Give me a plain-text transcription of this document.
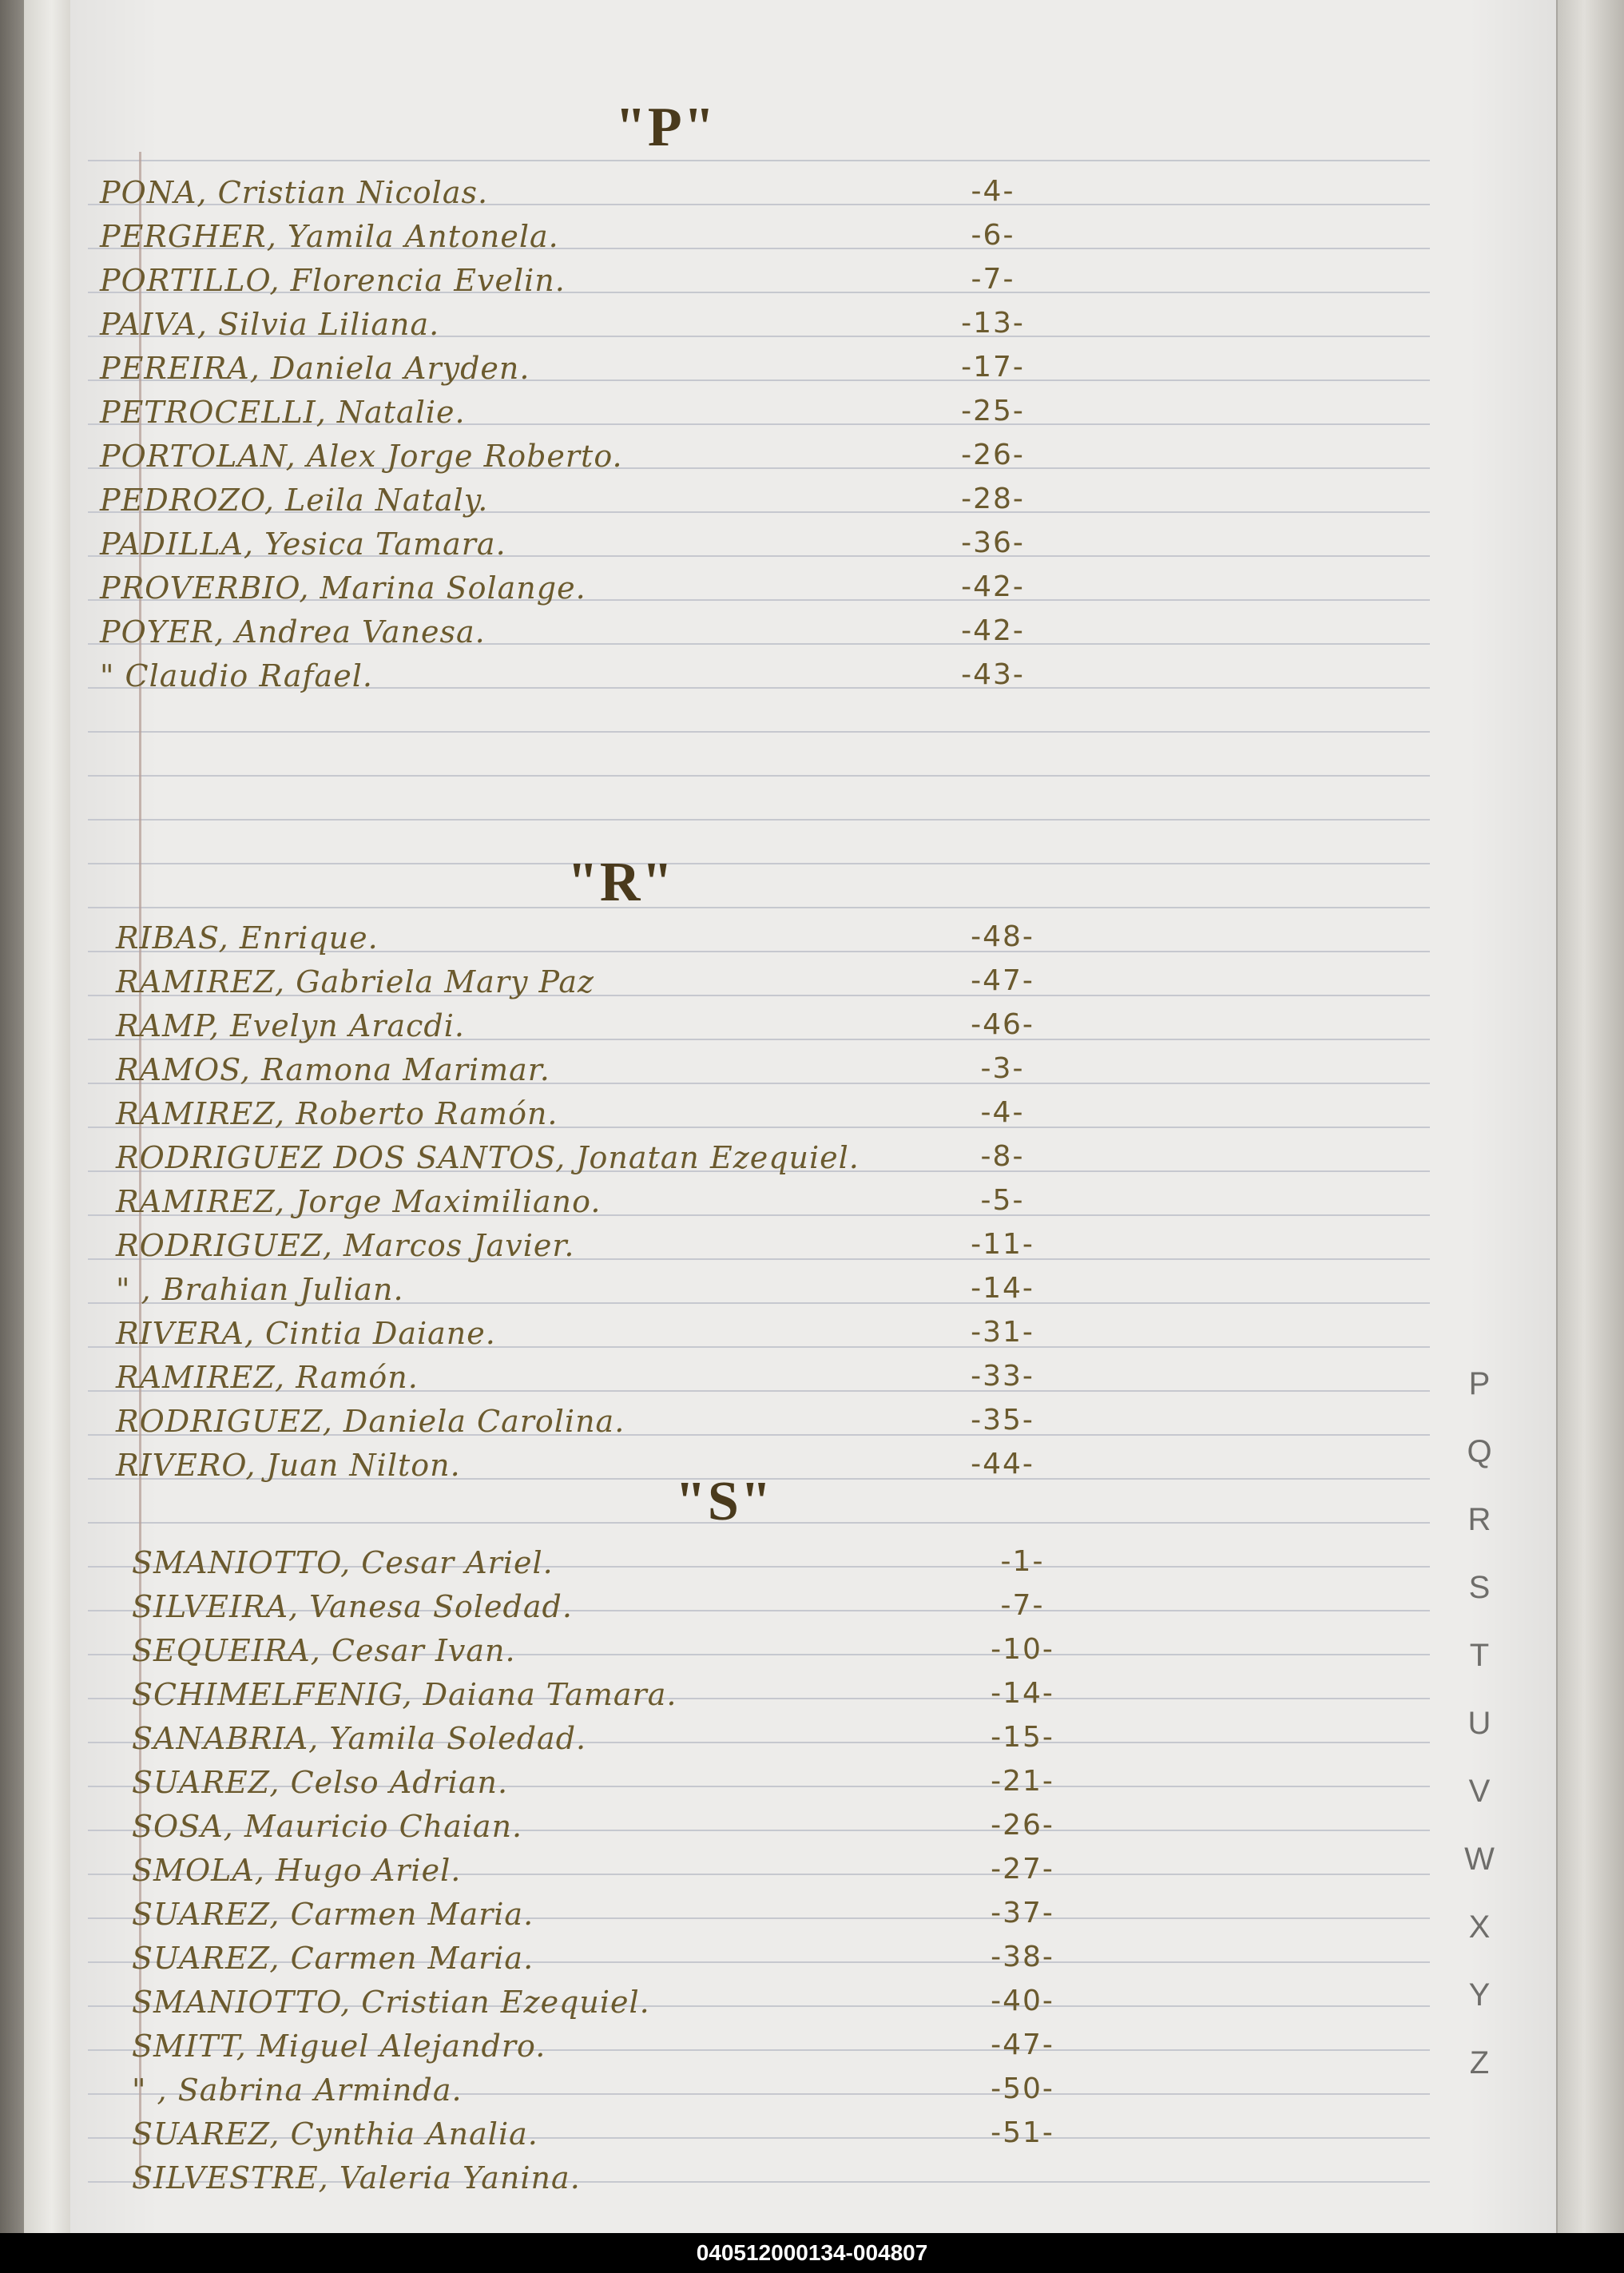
"P"
"R"
"S"
PONA, Cristian Nicolas.	-4-
PERGHER, Yamila Antonela.	-6-
PORTILLO, Florencia Evelin.	-7-
PAIVA, Silvia Liliana.	-13-
PEREIRA, Daniela Aryden.	-17-
PETROCELLI, Natalie.	-25-
PORTOLAN, Alex Jorge Roberto.	-26-
PEDROZO, Leila Nataly.	-28-
PADILLA, Yesica Tamara.	-36-
PROVERBIO, Marina Solange.	-42-
POYER, Andrea Vanesa.	-42-
" Claudio Rafael.	-43-
RIBAS, Enrique.	-48-
RAMIREZ, Gabriela Mary Paz	-47-
RAMP, Evelyn Aracdi.	-46-
RAMOS, Ramona Marimar.	-3-
RAMIREZ, Roberto Ramón.	-4-
RODRIGUEZ DOS SANTOS, Jonatan Ezequiel.	-8-
RAMIREZ, Jorge Maximiliano.	-5-
RODRIGUEZ, Marcos Javier.	-11-
" , Brahian Julian.	-14-
RIVERA, Cintia Daiane.	-31-
RAMIREZ, Ramón.	-33-
RODRIGUEZ, Daniela Carolina.	-35-
RIVERO, Juan Nilton.	-44-
SMANIOTTO, Cesar Ariel.	-1-
SILVEIRA, Vanesa Soledad.	-7-
SEQUEIRA, Cesar Ivan.	-10-
SCHIMELFENIG, Daiana Tamara.	-14-
SANABRIA, Yamila Soledad.	-15-
SUAREZ, Celso Adrian.	-21-
SOSA, Mauricio Chaian.	-26-
SMOLA, Hugo Ariel.	-27-
SUAREZ, Carmen Maria.	-37-
SUAREZ, Carmen Maria.	-38-
SMANIOTTO, Cristian Ezequiel.	-40-
SMITT, Miguel Alejandro.	-47-
" , Sabrina Arminda.	-50-
SUAREZ, Cynthia Analia.	-51-
SILVESTRE, Valeria Yanina.
P
Q
R
S
T
U
V
W
X
Y
Z
040512000134-004807
